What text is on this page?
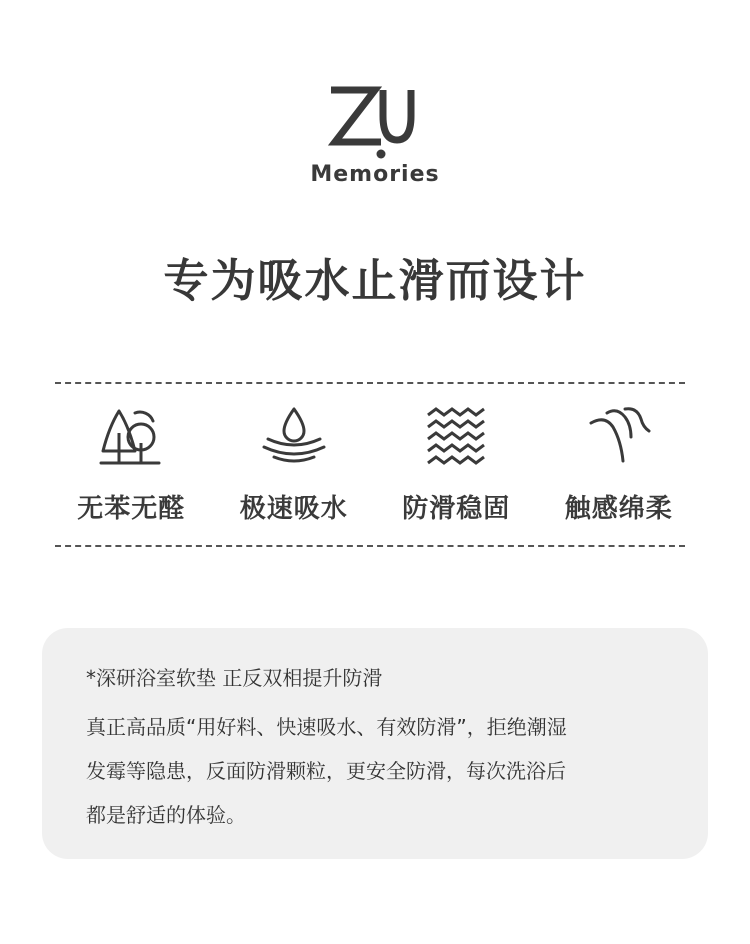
Memories
专为吸水止滑而设计
无苯无醛	极速吸水	防滑稳固	触感绵柔
*深研浴室软垫 正反双相提升防滑
真正高品质“用好料、快速吸水、有效防滑”，拒绝潮湿
发霉等隐患，反面防滑颗粒，更安全防滑，每次洗浴后
都是舒适的体验。
